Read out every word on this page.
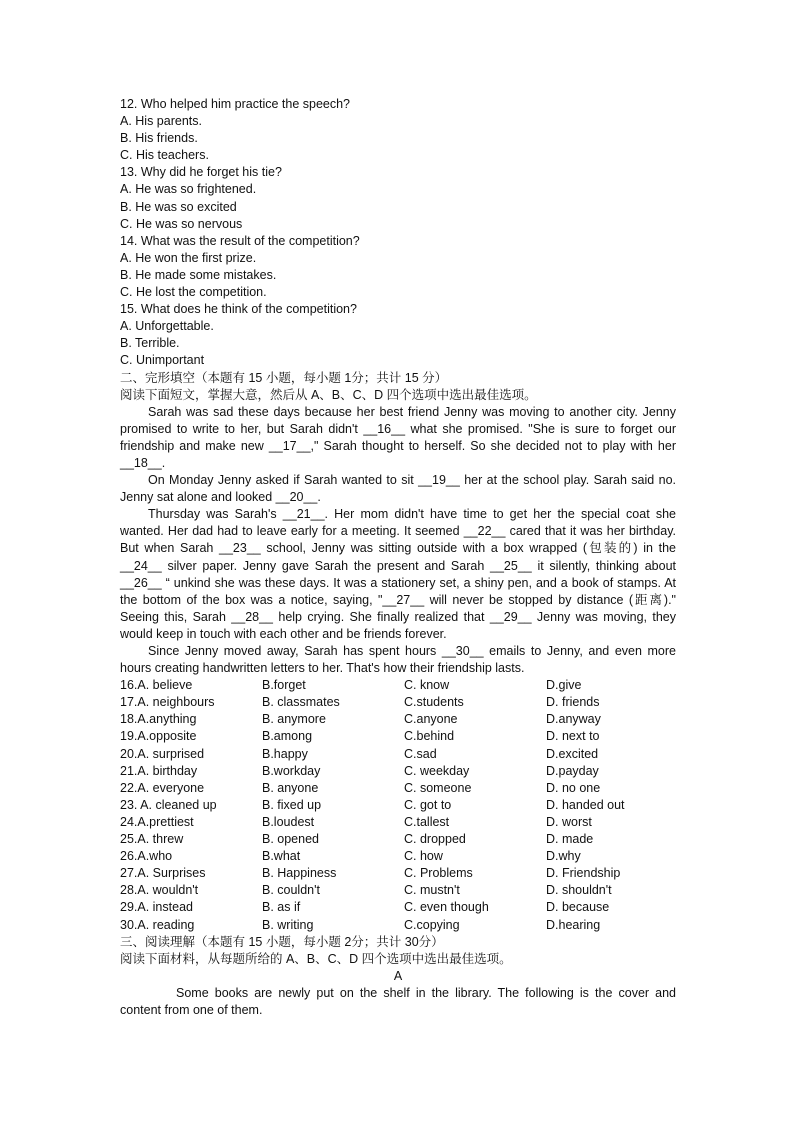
12. Who helped him practice the speech?
A. His parents.
B. His friends.
C. His teachers.
13. Why did he forget his tie?
A. He was so frightened.
B. He was so excited
C. He was so nervous
14. What was the result of the competition?
A. He won the first prize.
B. He made some mistakes.
C. He lost the competition.
15. What does he think of the competition?
A. Unforgettable.
B. Terrible.
C. Unimportant
二、完形填空（本题有 15 小题，每小题 1分；共计 15 分）
阅读下面短文，掌握大意，然后从 A、B、C、D 四个选项中选出最佳选项。

Sarah was sad these days because her best friend Jenny was moving to another city. Jenny promised to write to her, but Sarah didn't __16__ what she promised. "She is sure to forget our friendship and make new __17__," Sarah thought to herself. So she decided not to play with her __18__.

On Monday Jenny asked if Sarah wanted to sit __19__ her at the school play. Sarah said no. Jenny sat alone and looked __20__.

Thursday was Sarah's __21__. Her mom didn't have time to get her the special coat she wanted. Her dad had to leave early for a meeting. It seemed __22__ cared that it was her birthday. But when Sarah __23__ school, Jenny was sitting outside with a box wrapped (包装的) in the __24__ silver paper. Jenny gave Sarah the present and Sarah __25__ it silently, thinking about __26__ “ unkind she was these days. It was a stationery set, a shiny pen, and a book of stamps. At the bottom of the box was a notice, saying, "__27__ will never be stopped by distance (距离)." Seeing this, Sarah __28__ help crying. She finally realized that __29__ Jenny was moving, they would keep in touch with each other and be friends forever.

Since Jenny moved away, Sarah has spent hours __30__ emails to Jenny, and even more hours creating handwritten letters to her. That's how their friendship lasts.

16.A. believe	B.forget	C. know	D.give
17.A. neighbours	B. classmates	C.students	D. friends
18.A.anything	B. anymore	C.anyone	D.anyway
19.A.opposite	B.among	C.behind	D. next to
20.A. surprised	B.happy	C.sad	D.excited
21.A. birthday	B.workday	C. weekday	D.payday
22.A. everyone	B. anyone	C. someone	D. no one
23. A. cleaned up	B. fixed up	C. got to	D. handed out
24.A.prettiest	B.loudest	C.tallest	D. worst
25.A. threw	B. opened	C. dropped	D. made
26.A.who	B.what	C. how	D.why
27.A. Surprises	B. Happiness	C. Problems	D. Friendship
28.A. wouldn't	B. couldn't	C. mustn't	D. shouldn't
29.A. instead	B. as if	C. even though	D. because
30.A. reading	B. writing	C.copying	D.hearing
三、阅读理解（本题有 15 小题，每小题 2分；共计 30分）
阅读下面材料，从每题所给的 A、B、C、D 四个选项中选出最佳选项。
A

Some books are newly put on the shelf in the library. The following is the cover and content from one of them.
